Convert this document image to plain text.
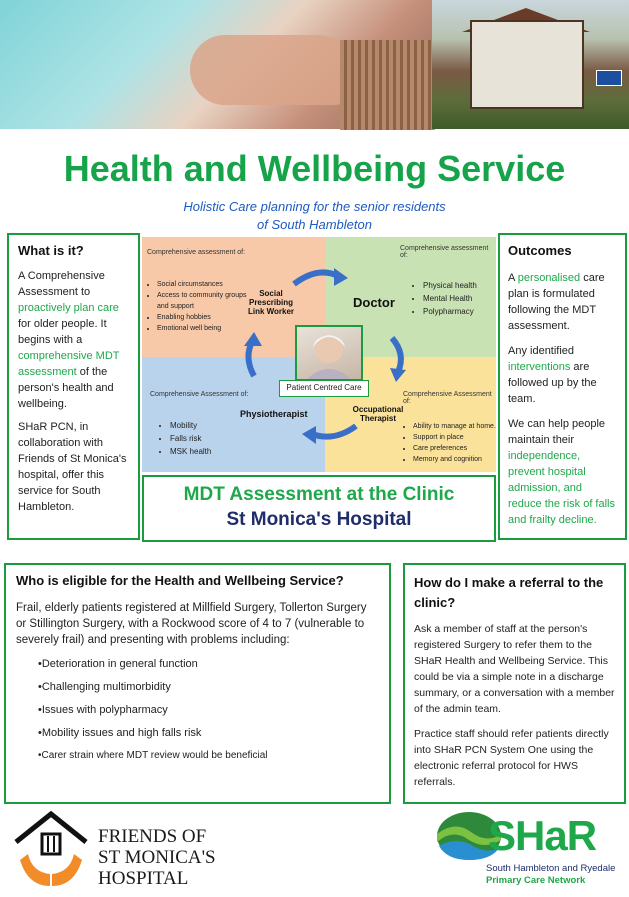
Health and Wellbeing Service
Holistic Care planning for the senior residents
of South Hambleton
What is it?

A Comprehensive Assessment to proactively plan care for older people. It begins with a comprehensive MDT assessment of the person's health and wellbeing.

SHaR PCN, in collaboration with Friends of St Monica's hospital, offer this service for South Hambleton.

Comprehensive assessment of:
• Social circumstances
• Access to community groups and support
• Enabling hobbies
• Emotional well being
Social Prescribing Link Worker
Comprehensive assessment of:
Doctor
• Physical health
• Mental Health
• Polypharmacy
Comprehensive Assessment of:
Physiotherapist
• Mobility
• Falls risk
• MSK health
Comprehensive Assessment of:
Occupational Therapist
• Ability to manage at home.
• Support in place
• Care preferences
• Memory and cognition
Patient Centred Care
MDT Assessment at the Clinic
St Monica's Hospital
Outcomes

A personalised care plan is formulated following the MDT assessment.

Any identified interventions are followed up by the team.

We can help people maintain their independence, prevent hospital admission, and reduce the risk of falls and frailty decline.

Who is eligible for the Health and Wellbeing Service?

Frail, elderly patients registered at Millfield Surgery, Tollerton Surgery or Stillington Surgery, with a Rockwood score of 4 to 7 (vulnerable to severely frail) and presenting with problems including:

•Deterioration in general function
•Challenging multimorbidity
•Issues with polypharmacy
•Mobility issues and high falls risk
•Carer strain where MDT review would be beneficial
How do I make a referral to the clinic?

Ask a member of staff at the person's registered Surgery to refer them to the SHaR Health and Wellbeing Service. This could be via a simple note in a discharge summary, or a conversation with a member of the admin team.

Practice staff should refer patients directly into SHaR PCN System One using the electronic referral protocol for HWS referrals.

FRIENDS OF
ST MONICA'S
HOSPITAL
SHaR
South Hambleton and Ryedale
Primary Care Network
